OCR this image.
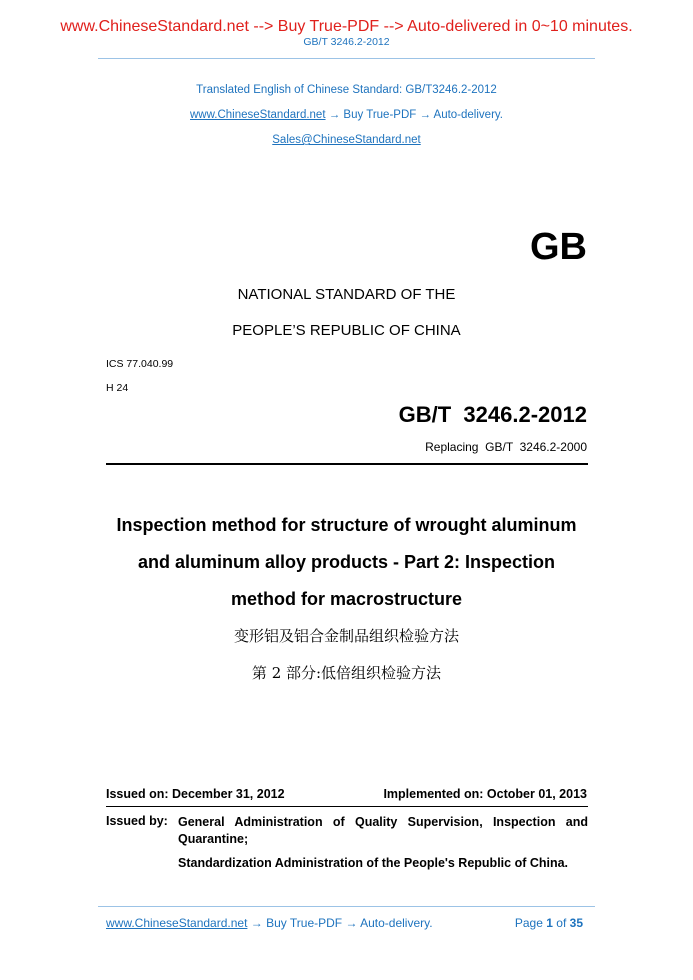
www.ChineseStandard.net --> Buy True-PDF --> Auto-delivered in 0~10 minutes.
GB/T 3246.2-2012
Translated English of Chinese Standard: GB/T3246.2-2012
www.ChineseStandard.net → Buy True-PDF → Auto-delivery.
Sales@ChineseStandard.net
GB
NATIONAL STANDARD OF THE
PEOPLE’S REPUBLIC OF CHINA
ICS 77.040.99
H 24
GB/T  3246.2-2012
Replacing  GB/T  3246.2-2000
Inspection method for structure of wrought aluminum
and aluminum alloy products - Part 2: Inspection
method for macrostructure
变形铝及铝合金制品组织检验方法
第 2 部分:低倍组织检验方法
Issued on: December 31, 2012	Implemented on: October 01, 2013
Issued by: General Administration of Quality Supervision, Inspection and Quarantine;
Standardization Administration of the People's Republic of China.
www.ChineseStandard.net → Buy True-PDF → Auto-delivery.	Page 1 of 35
